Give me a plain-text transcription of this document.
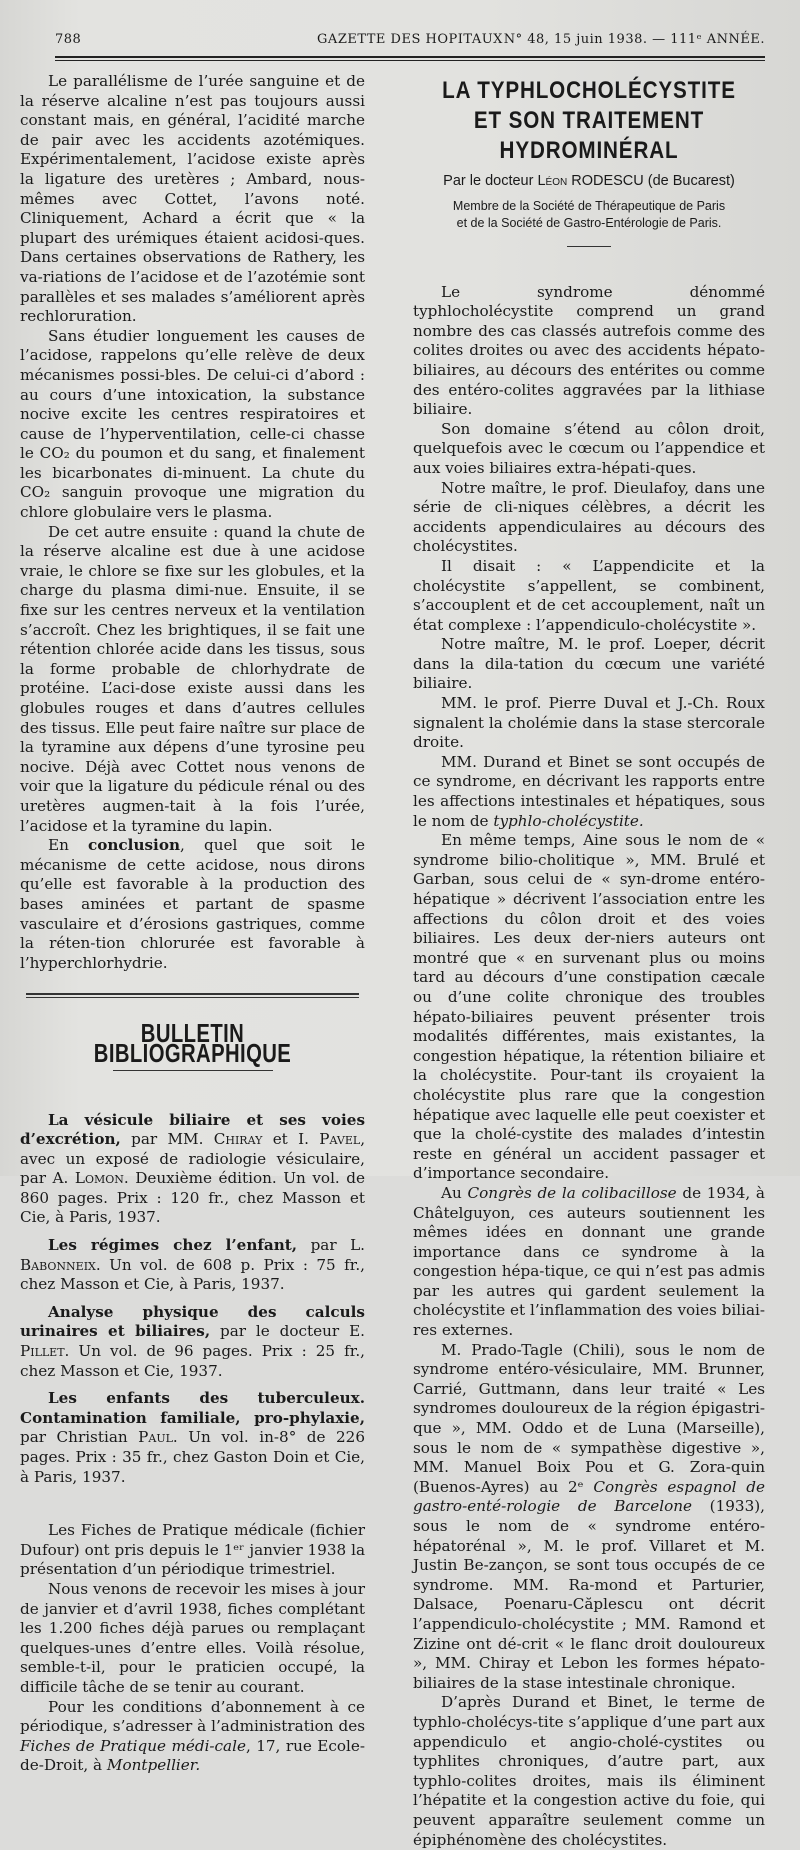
788	GAZETTE DES HOPITAUX N° 48, 15 juin 1938. — 111ᵉ ANNÉE.

Le parallélisme de l’urée sanguine et de la réserve alcaline n’est pas toujours aussi constant mais, en général, l’acidité marche de pair avec les accidents azotémiques. Expérimentalement, l’acidose existe après la ligature des uretères ; Ambard, nous-mêmes avec Cottet, l’avons noté. Cliniquement, Achard a écrit que « la plupart des urémiques étaient acidosi-ques. Dans certaines observations de Rathery, les va-riations de l’acidose et de l’azotémie sont parallèles et ses malades s’améliorent après rechloruration.

Sans étudier longuement les causes de l’acidose, rappelons qu’elle relève de deux mécanismes possi-bles. De celui-ci d’abord : au cours d’une intoxication, la substance nocive excite les centres respiratoires et cause de l’hyperventilation, celle-ci chasse le CO₂ du poumon et du sang, et finalement les bicarbonates di-minuent. La chute du CO₂ sanguin provoque une migration du chlore globulaire vers le plasma.

De cet autre ensuite : quand la chute de la réserve alcaline est due à une acidose vraie, le chlore se fixe sur les globules, et la charge du plasma dimi-nue. Ensuite, il se fixe sur les centres nerveux et la ventilation s’accroît. Chez les brightiques, il se fait une rétention chlorée acide dans les tissus, sous la forme probable de chlorhydrate de protéine. L’aci-dose existe aussi dans les globules rouges et dans d’autres cellules des tissus. Elle peut faire naître sur place de la tyramine aux dépens d’une tyrosine peu nocive. Déjà avec Cottet nous venons de voir que la ligature du pédicule rénal ou des uretères augmen-tait à la fois l’urée, l’acidose et la tyramine du lapin.

En conclusion, quel que soit le mécanisme de cette acidose, nous dirons qu’elle est favorable à la production des bases aminées et partant de spasme vasculaire et d’érosions gastriques, comme la réten-tion chlorurée est favorable à l’hyperchlorhydrie.

BULLETIN BIBLIOGRAPHIQUE

La vésicule biliaire et ses voies d’excrétion, par MM. Chiray et I. Pavel, avec un exposé de radiologie vésiculaire, par A. Lomon. Deuxième édition. Un vol. de 860 pages. Prix : 120 fr., chez Masson et Cie, à Paris, 1937.

Les régimes chez l’enfant, par L. Babonneix. Un vol. de 608 p. Prix : 75 fr., chez Masson et Cie, à Paris, 1937.

Analyse physique des calculs urinaires et biliaires, par le docteur E. Pillet. Un vol. de 96 pages. Prix : 25 fr., chez Masson et Cie, 1937.

Les enfants des tuberculeux. Contamination familiale, pro-phylaxie, par Christian Paul. Un vol. in-8° de 226 pages. Prix : 35 fr., chez Gaston Doin et Cie, à Paris, 1937.

Les Fiches de Pratique médicale (fichier Dufour) ont pris depuis le 1ᵉʳ janvier 1938 la présentation d’un périodique trimestriel.

Nous venons de recevoir les mises à jour de janvier et d’avril 1938, fiches complétant les 1.200 fiches déjà parues ou remplaçant quelques-unes d’entre elles. Voilà résolue, semble-t-il, pour le praticien occupé, la difficile tâche de se tenir au courant.

Pour les conditions d’abonnement à ce périodique, s’adresser à l’administration des Fiches de Pratique médi-cale, 17, rue Ecole-de-Droit, à Montpellier.

LA TYPHLOCHOLÉCYSTITE
ET SON TRAITEMENT HYDROMINÉRAL
Par le docteur Léon RODESCU (de Bucarest)
Membre de la Société de Thérapeutique de Paris
et de la Société de Gastro-Entérologie de Paris.

Le syndrome dénommé typhlocholécystite comprend un grand nombre des cas classés autrefois comme des colites droites ou avec des accidents hépato-biliaires, au décours des entérites ou comme des entéro-colites aggravées par la lithiase biliaire.

Son domaine s’étend au côlon droit, quelquefois avec le cœcum ou l’appendice et aux voies biliaires extra-hépati-ques.

Notre maître, le prof. Dieulafoy, dans une série de cli-niques célèbres, a décrit les accidents appendiculaires au décours des cholécystites.

Il disait : « L’appendicite et la cholécystite s’appellent, se combinent, s’accouplent et de cet accouplement, naît un état complexe : l’appendiculo-cholécystite ».

Notre maître, M. le prof. Loeper, décrit dans la dila-tation du cœcum une variété biliaire.

MM. le prof. Pierre Duval et J.-Ch. Roux signalent la cholémie dans la stase stercorale droite.

MM. Durand et Binet se sont occupés de ce syndrome, en décrivant les rapports entre les affections intestinales et hépatiques, sous le nom de typhlo-cholécystite.

En même temps, Aine sous le nom de « syndrome bilio-cholitique », MM. Brulé et Garban, sous celui de « syn-drome entéro-hépatique » décrivent l’association entre les affections du côlon droit et des voies biliaires. Les deux der-niers auteurs ont montré que « en survenant plus ou moins tard au décours d’une constipation cæcale ou d’une colite chronique des troubles hépato-biliaires peuvent présenter trois modalités différentes, mais existantes, la congestion hépatique, la rétention biliaire et la cholécystite. Pour-tant ils croyaient la cholécystite plus rare que la congestion hépatique avec laquelle elle peut coexister et que la cholé-cystite des malades d’intestin reste en général un accident passager et d’importance secondaire.

Au Congrès de la colibacillose de 1934, à Châtelguyon, ces auteurs soutiennent les mêmes idées en donnant une grande importance dans ce syndrome à la congestion hépa-tique, ce qui n’est pas admis par les autres qui gardent seulement la cholécystite et l’inflammation des voies biliai-res externes.

M. Prado-Tagle (Chili), sous le nom de syndrome entéro-vésiculaire, MM. Brunner, Carrié, Guttmann, dans leur traité « Les syndromes douloureux de la région épigastri-que », MM. Oddo et de Luna (Marseille), sous le nom de « sympathèse digestive », MM. Manuel Boix Pou et G. Zora-quin (Buenos-Ayres) au 2ᵉ Congrès espagnol de gastro-enté-rologie de Barcelone (1933), sous le nom de « syndrome entéro-hépatorénal », M. le prof. Villaret et M. Justin Be-zançon, se sont tous occupés de ce syndrome. MM. Ra-mond et Parturier, Dalsace, Poenaru-Căplescu ont décrit l’appendiculo-cholécystite ; MM. Ramond et Zizine ont dé-crit « le flanc droit douloureux », MM. Chiray et Lebon les formes hépato-biliaires de la stase intestinale chronique.

D’après Durand et Binet, le terme de typhlo-cholécys-tite s’applique d’une part aux appendiculo et angio-cholé-cystites ou typhlites chroniques, d’autre part, aux typhlo-colites droites, mais ils éliminent l’hépatite et la congestion active du foie, qui peuvent apparaître seulement comme un épiphénomène des cholécystites.
